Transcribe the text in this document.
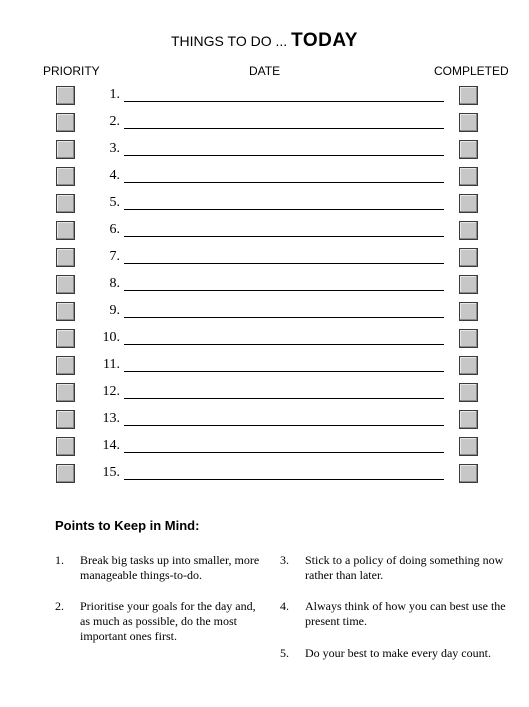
THINGS TO DO ... TODAY
PRIORITY	DATE	COMPLETED
1.
2.
3.
4.
5.
6.
7.
8.
9.
10.
11.
12.
13.
14.
15.
Points to Keep in Mind:
1. Break big tasks up into smaller, more manageable things-to-do.
2. Prioritise your goals for the day and, as much as possible, do the most important ones first.
3. Stick to a policy of doing something now rather than later.
4. Always think of how you can best use the present time.
5. Do your best to make every day count.
